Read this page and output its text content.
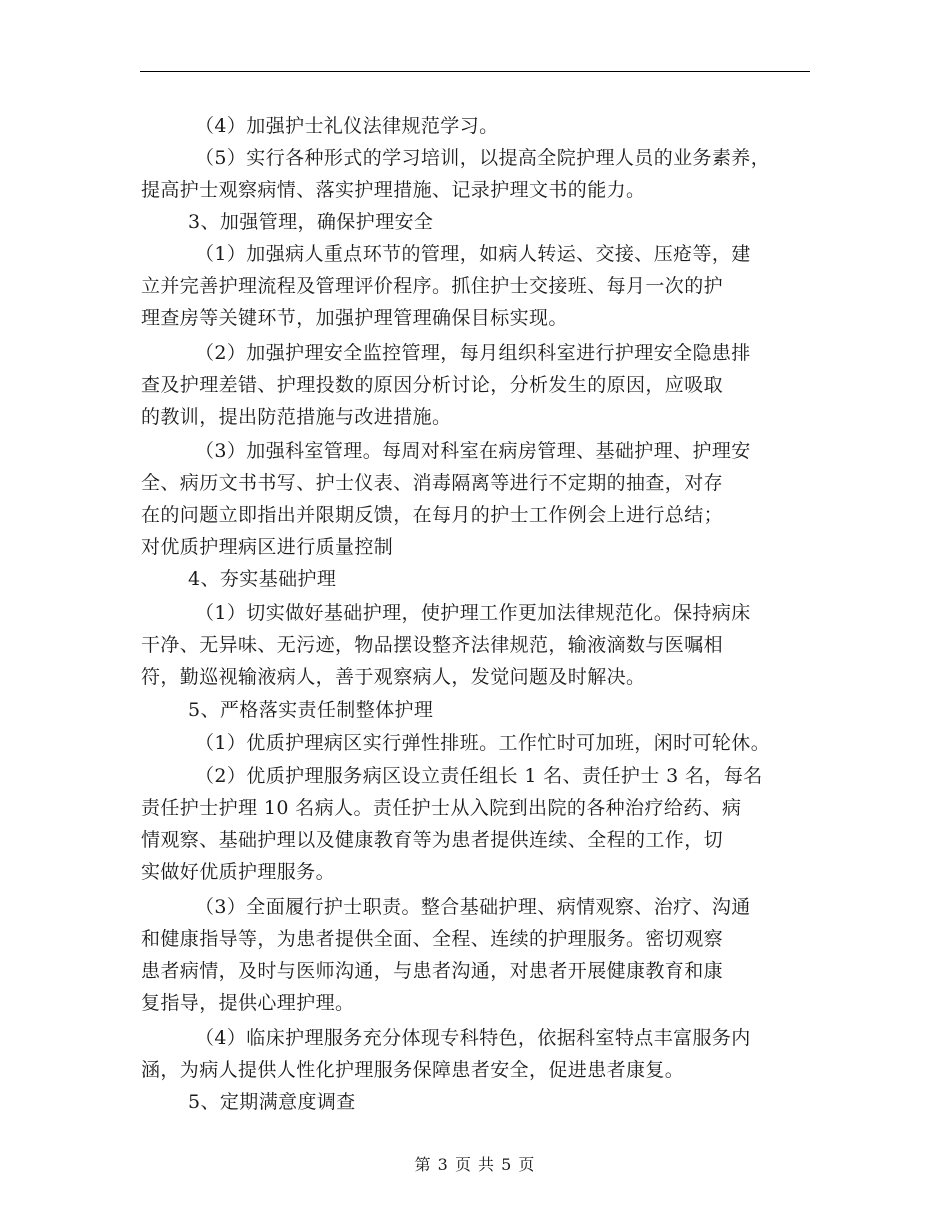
（4）加强护士礼仪法律规范学习。
（5）实行各种形式的学习培训，以提高全院护理人员的业务素养，
提高护士观察病情、落实护理措施、记录护理文书的能力。
3、加强管理，确保护理安全
（1）加强病人重点环节的管理，如病人转运、交接、压疮等，建
立并完善护理流程及管理评价程序。抓住护士交接班、每月一次的护
理查房等关键环节，加强护理管理确保目标实现。
（2）加强护理安全监控管理，每月组织科室进行护理安全隐患排
查及护理差错、护理投数的原因分析讨论，分析发生的原因，应吸取
的教训，提出防范措施与改进措施。
（3）加强科室管理。每周对科室在病房管理、基础护理、护理安
全、病历文书书写、护士仪表、消毒隔离等进行不定期的抽查，对存
在的问题立即指出并限期反馈，在每月的护士工作例会上进行总结；
对优质护理病区进行质量控制
4、夯实基础护理
（1）切实做好基础护理，使护理工作更加法律规范化。保持病床
干净、无异味、无污迹，物品摆设整齐法律规范，输液滴数与医嘱相
符，勤巡视输液病人，善于观察病人，发觉问题及时解决。
5、严格落实责任制整体护理
（1）优质护理病区实行弹性排班。工作忙时可加班，闲时可轮休。
（2）优质护理服务病区设立责任组长 1 名、责任护士 3 名，每名
责任护士护理 10 名病人。责任护士从入院到出院的各种治疗给药、病
情观察、基础护理以及健康教育等为患者提供连续、全程的工作，切
实做好优质护理服务。
（3）全面履行护士职责。整合基础护理、病情观察、治疗、沟通
和健康指导等，为患者提供全面、全程、连续的护理服务。密切观察
患者病情，及时与医师沟通，与患者沟通，对患者开展健康教育和康
复指导，提供心理护理。
（4）临床护理服务充分体现专科特色，依据科室特点丰富服务内
涵，为病人提供人性化护理服务保障患者安全，促进患者康复。
5、定期满意度调查
第 3 页 共 5 页
